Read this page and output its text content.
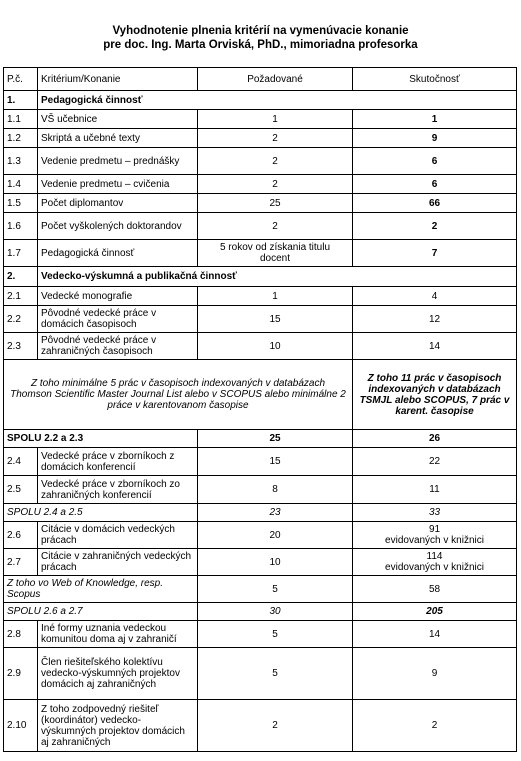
Vyhodnotenie plnenia kritérií na vymenúvacie konanie
pre doc. Ing. Marta Orviská, PhD., mimoriadna profesorka
P.č.	Kritérium/Konanie	Požadované	Skutočnosť
1.	Pedagogická činnosť		
1.1	VŠ učebnice	1	1
1.2	Skriptá a učebné texty	2	9
1.3	Vedenie predmetu – prednášky	2	6
1.4	Vedenie predmetu – cvičenia	2	6
1.5	Počet diplomantov	25	66
1.6	Počet vyškolených doktorandov	2	2
1.7	Pedagogická činnosť	5 rokov od získania titulu docent	7
2.	Vedecko-výskumná a publikačná činnosť		
2.1	Vedecké monografie	1	4
2.2	Pôvodné vedecké práce v domácich časopisoch	15	12
2.3	Pôvodné vedecké práce v zahraničných časopisoch	10	14
Z toho minimálne 5 prác v časopisoch indexovaných v databázach Thomson Scientific Master Journal List alebo v SCOPUS alebo minimálne 2 práce v karentovanom časopise			Z toho 11 prác v časopisoch indexovaných v databázach TSMJL alebo SCOPUS, 7 prác v karent. časopise
SPOLU 2.2 a 2.3		25	26
2.4	Vedecké práce v zborníkoch z domácich konferencií	15	22
2.5	Vedecké práce v zborníkoch zo zahraničných konferencií	8	11
SPOLU 2.4 a 2.5		23	33
2.6	Citácie v domácich vedeckých prácach	20	91
evidovaných v knižnici
2.7	Citácie v zahraničných vedeckých prácach	10	114
evidovaných v knižnici
Z toho vo Web of Knowledge, resp. Scopus		5	58
SPOLU 2.6 a 2.7		30	205
2.8	Iné formy uznania vedeckou komunitou doma aj v zahraničí	5	14
2.9	Člen riešiteľského kolektívu vedecko-výskumných projektov domácich aj zahraničných	5	9
2.10	Z toho zodpovedný riešiteľ (koordinátor) vedecko-výskumných projektov domácich aj zahraničných	2	2
